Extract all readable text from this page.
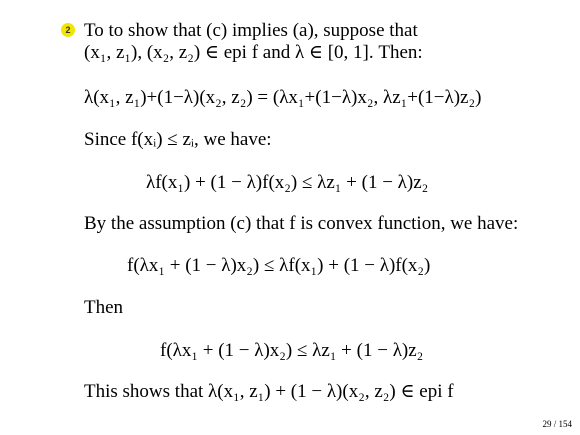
2 To to show that (c) implies (a), suppose that
(x₁, z₁), (x₂, z₂) ∈ epi f and λ ∈ [0, 1]. Then:
λ(x₁, z₁)+(1−λ)(x₂, z₂) = (λx₁+(1−λ)x₂, λz₁+(1−λ)z₂)
Since f(xᵢ) ≤ zᵢ, we have:
λf(x₁) + (1 − λ)f(x₂) ≤ λz₁ + (1 − λ)z₂
By the assumption (c) that f is convex function, we have:
f(λx₁ + (1 − λ)x₂) ≤ λf(x₁) + (1 − λ)f(x₂)
Then
f(λx₁ + (1 − λ)x₂) ≤ λz₁ + (1 − λ)z₂
This shows that λ(x₁, z₁) + (1 − λ)(x₂, z₂) ∈ epi f
29 / 154
